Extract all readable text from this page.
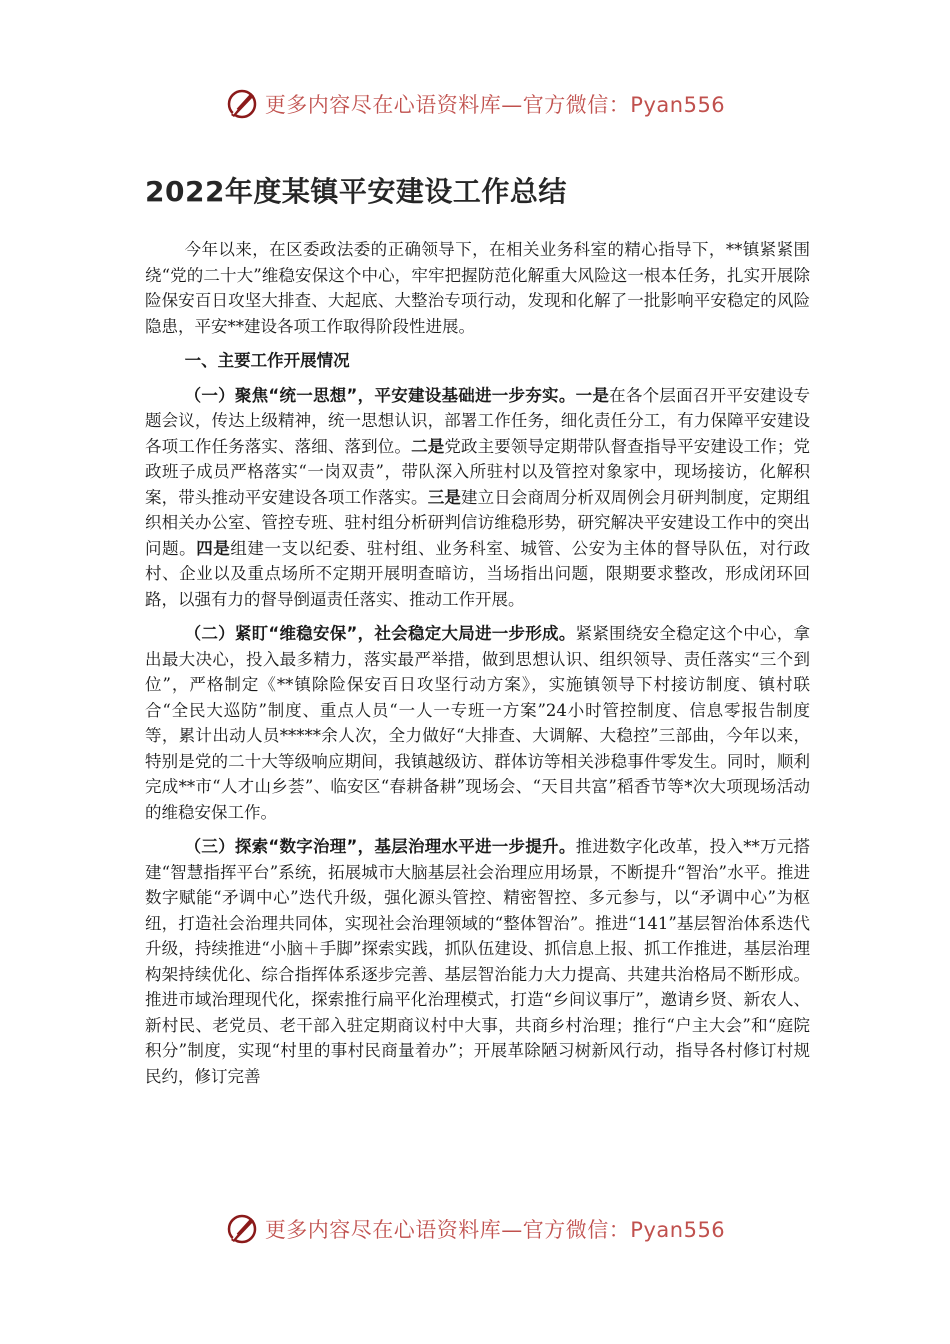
更多内容尽在心语资料库—官方微信：Pyan556
2022年度某镇平安建设工作总结

今年以来，在区委政法委的正确领导下，在相关业务科室的精心指导下，**镇紧紧围绕“党的二十大”维稳安保这个中心，牢牢把握防范化解重大风险这一根本任务，扎实开展除险保安百日攻坚大排查、大起底、大整治专项行动，发现和化解了一批影响平安稳定的风险隐患，平安**建设各项工作取得阶段性进展。

一、主要工作开展情况

（一）聚焦“统一思想”，平安建设基础进一步夯实。一是在各个层面召开平安建设专题会议，传达上级精神，统一思想认识，部署工作任务，细化责任分工，有力保障平安建设各项工作任务落实、落细、落到位。二是党政主要领导定期带队督查指导平安建设工作；党政班子成员严格落实“一岗双责”，带队深入所驻村以及管控对象家中，现场接访，化解积案，带头推动平安建设各项工作落实。三是建立日会商周分析双周例会月研判制度，定期组织相关办公室、管控专班、驻村组分析研判信访维稳形势，研究解决平安建设工作中的突出问题。四是组建一支以纪委、驻村组、业务科室、城管、公安为主体的督导队伍，对行政村、企业以及重点场所不定期开展明查暗访，当场指出问题，限期要求整改，形成闭环回路，以强有力的督导倒逼责任落实、推动工作开展。

（二）紧盯“维稳安保”，社会稳定大局进一步形成。紧紧围绕安全稳定这个中心，拿出最大决心，投入最多精力，落实最严举措，做到思想认识、组织领导、责任落实“三个到位”，严格制定《**镇除险保安百日攻坚行动方案》，实施镇领导下村接访制度、镇村联合“全民大巡防”制度、重点人员“一人一专班一方案”24小时管控制度、信息零报告制度等，累计出动人员*****余人次，全力做好“大排查、大调解、大稳控”三部曲，今年以来，特别是党的二十大等级响应期间，我镇越级访、群体访等相关涉稳事件零发生。同时，顺利完成**市“人才山乡荟”、临安区“春耕备耕”现场会、“天目共富”稻香节等*次大项现场活动的维稳安保工作。

（三）探索“数字治理”，基层治理水平进一步提升。推进数字化改革，投入**万元搭建“智慧指挥平台”系统，拓展城市大脑基层社会治理应用场景，不断提升“智治”水平。推进数字赋能“矛调中心”迭代升级，强化源头管控、精密智控、多元参与，以“矛调中心”为枢纽，打造社会治理共同体，实现社会治理领域的“整体智治”。推进“141”基层智治体系迭代升级，持续推进“小脑＋手脚”探索实践，抓队伍建设、抓信息上报、抓工作推进，基层治理构架持续优化、综合指挥体系逐步完善、基层智治能力大力提高、共建共治格局不断形成。推进市域治理现代化，探索推行扁平化治理模式，打造“乡间议事厅”，邀请乡贤、新农人、新村民、老党员、老干部入驻定期商议村中大事，共商乡村治理；推行“户主大会”和“庭院积分”制度，实现“村里的事村民商量着办”；开展革除陋习树新风行动，指导各村修订村规民约，修订完善

更多内容尽在心语资料库—官方微信：Pyan556
